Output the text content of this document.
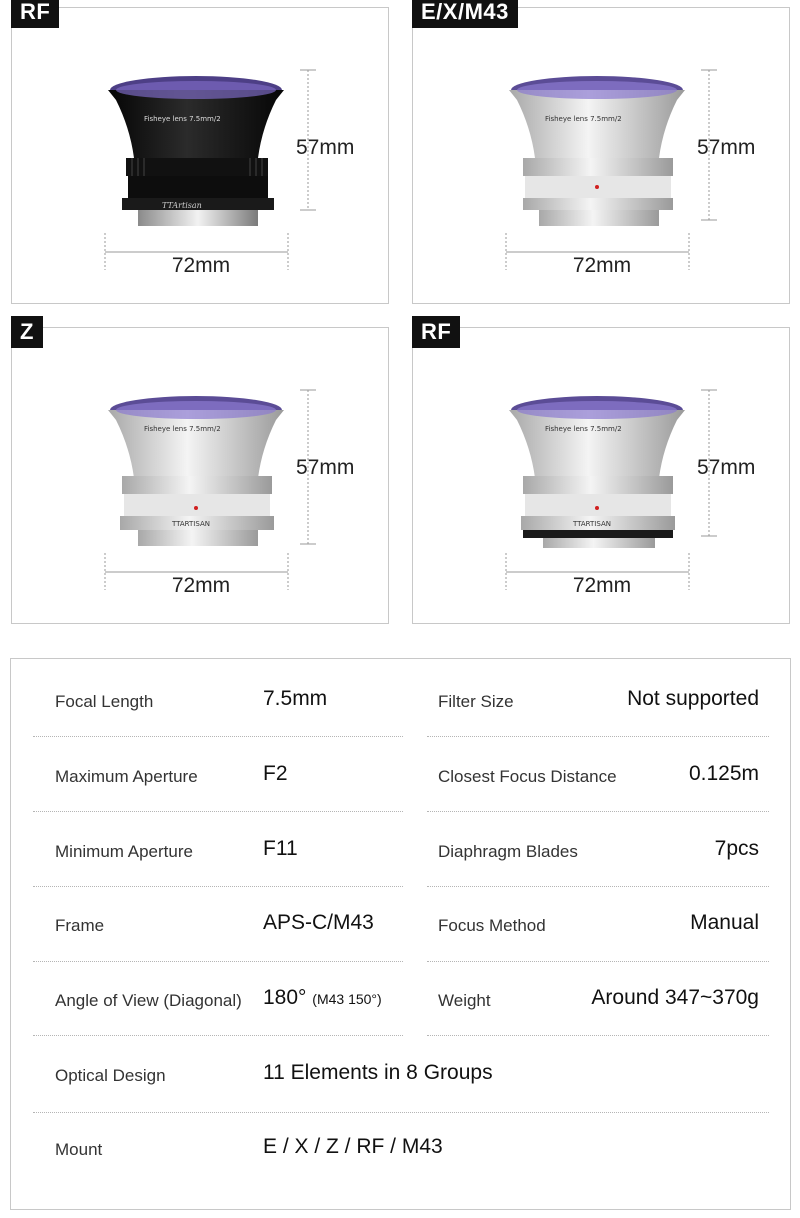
RF
Fisheye lens 7.5mm/2
TTArtisan
57mm
72mm
E/X/M43
Fisheye lens 7.5mm/2
57mm
72mm
Z
Fisheye lens 7.5mm/2
TTARTISAN
57mm
72mm
RF
Fisheye lens 7.5mm/2
TTARTISAN
57mm
72mm
Focal Length	7.5mm	Filter Size	Not supported
Maximum Aperture	F2	Closest Focus Distance	0.125m
Minimum Aperture	F11	Diaphragm Blades	7pcs
Frame	APS-C/M43	Focus Method	Manual
Angle of View (Diagonal) 180° (M43 150°)	Weight	Around 347~370g
Optical Design	11 Elements in 8 Groups
Mount	E / X / Z / RF / M43
